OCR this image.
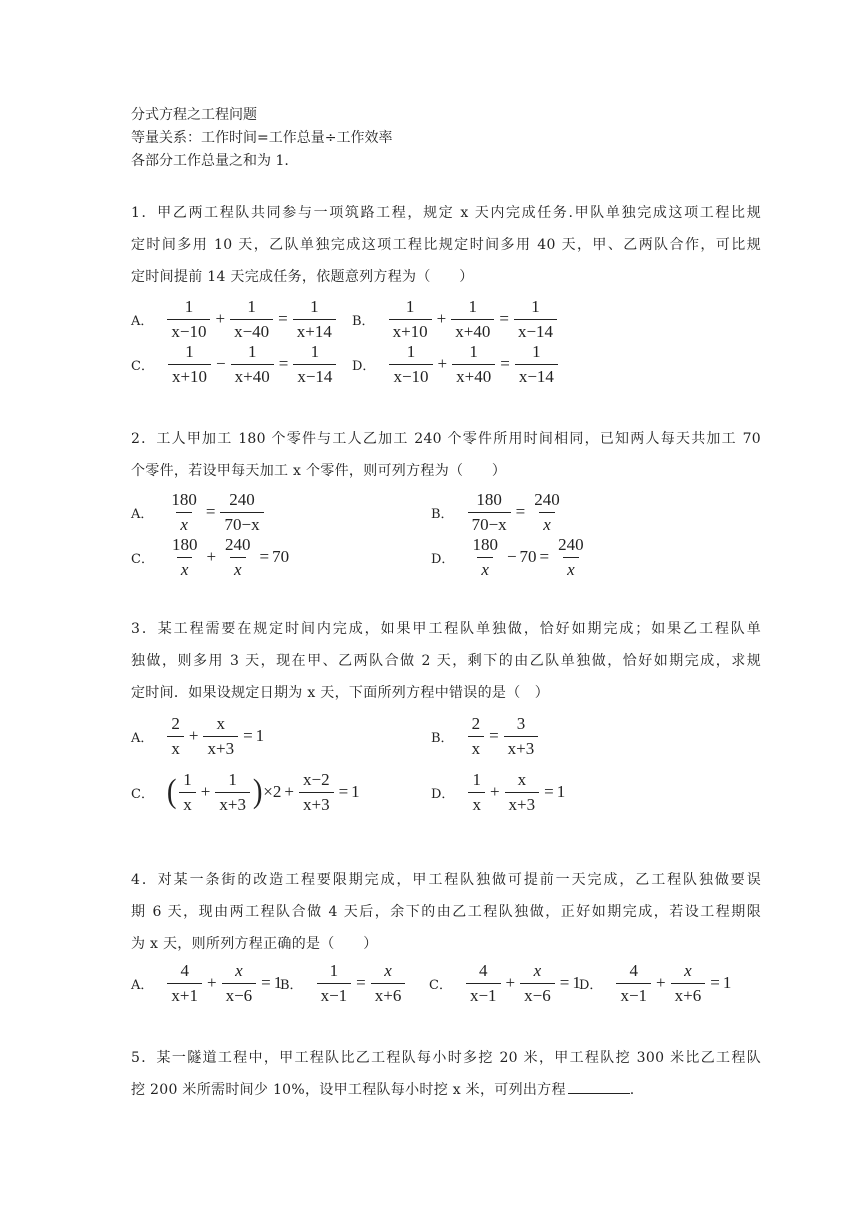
分式方程之工程问题
等量关系：工作时间=工作总量÷工作效率
各部分工作总量之和为 1.
1．甲乙两工程队共同参与一项筑路工程，规定 x 天内完成任务.甲队单独完成这项工程比规
定时间多用 10 天，乙队单独完成这项工程比规定时间多用 40 天，甲、乙两队合作，可比规
定时间提前 14 天完成任务，依题意列方程为（　　）
A． $\frac{1}{x-10} + \frac{1}{x-40} = \frac{1}{x+14}$ B． $\frac{1}{x+10} + \frac{1}{x+40} = \frac{1}{x-14}$
C． $\frac{1}{x+10} - \frac{1}{x+40} = \frac{1}{x-14}$ D． $\frac{1}{x-10} + \frac{1}{x+40} = \frac{1}{x-14}$
2．工人甲加工 180 个零件与工人乙加工 240 个零件所用时间相同，已知两人每天共加工 70
个零件，若设甲每天加工 x 个零件，则可列方程为（　　）
A． $\frac{180}{x} = \frac{240}{70-x}$	B． $\frac{180}{70-x} = \frac{240}{x}$
C． $\frac{180}{x} + \frac{240}{x} = 70$	D． $\frac{180}{x} - 70 = \frac{240}{x}$
3．某工程需要在规定时间内完成，如果甲工程队单独做，恰好如期完成；如果乙工程队单
独做，则多用 3 天，现在甲、乙两队合做 2 天，剩下的由乙队单独做，恰好如期完成，求规
定时间．如果设规定日期为 x 天，下面所列方程中错误的是（　）
A． $\frac{2}{x} + \frac{x}{x+3} = 1$	B． $\frac{2}{x} = \frac{3}{x+3}$
C． ( $\frac{1}{x} + \frac{1}{x+3}$ ) $\times 2 + \frac{x-2}{x+3} = 1$	D． $\frac{1}{x} + \frac{x}{x+3} = 1$
4．对某一条街的改造工程要限期完成，甲工程队独做可提前一天完成，乙工程队独做要误
期 6 天，现由两工程队合做 4 天后，余下的由乙工程队独做，正好如期完成，若设工程期限
为 x 天，则所列方程正确的是（　　）
A． $\frac{4}{x+1} + \frac{x}{x-6} = 1$
B． $\frac{1}{x-1} = \frac{x}{x+6}$ C． $\frac{4}{x-1} + \frac{x}{x-6} = 1$
D． $\frac{4}{x-1} + \frac{x}{x+6} = 1$
5．某一隧道工程中，甲工程队比乙工程队每小时多挖 20 米，甲工程队挖 300 米比乙工程队
挖 200 米所需时间少 10%，设甲工程队每小时挖 x 米，可列出方程	.
